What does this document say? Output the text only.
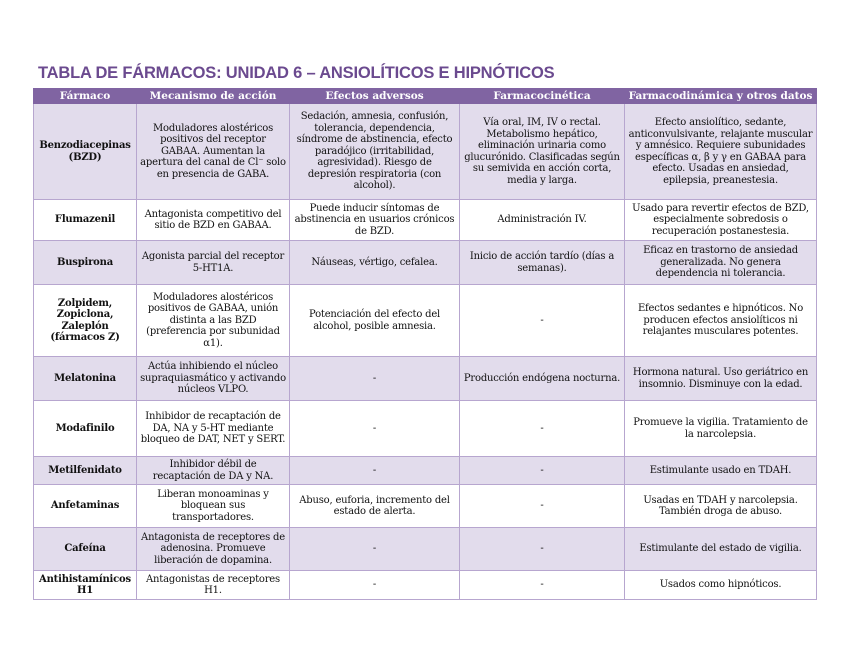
TABLA DE FÁRMACOS: UNIDAD 6 – ANSIOLÍTICOS E HIPNÓTICOS
Fármaco	Mecanismo de acción	Efectos adversos	Farmacocinética	Farmacodinámica y otros datos
Benzodiacepinas (BZD)	Moduladores alostéricos positivos del receptor GABAA. Aumentan la apertura del canal de Cl⁻ solo en presencia de GABA.	Sedación, amnesia, confusión, tolerancia, dependencia, síndrome de abstinencia, efecto paradójico (irritabilidad, agresividad). Riesgo de depresión respiratoria (con alcohol).	Vía oral, IM, IV o rectal. Metabolismo hepático, eliminación urinaria como glucurónido. Clasificadas según su semivida en acción corta, media y larga.	Efecto ansiolítico, sedante, anticonvulsivante, relajante muscular y amnésico. Requiere subunidades específicas α, β y γ en GABAA para efecto. Usadas en ansiedad, epilepsia, preanestesia.
Flumazenil	Antagonista competitivo del sitio de BZD en GABAA.	Puede inducir síntomas de abstinencia en usuarios crónicos de BZD.	Administración IV.	Usado para revertir efectos de BZD, especialmente sobredosis o recuperación postanestesia.
Buspirona	Agonista parcial del receptor 5-HT1A.	Náuseas, vértigo, cefalea.	Inicio de acción tardío (días a semanas).	Eficaz en trastorno de ansiedad generalizada. No genera dependencia ni tolerancia.
Zolpidem, Zopiclona, Zaleplón (fármacos Z)	Moduladores alostéricos positivos de GABAA, unión distinta a las BZD (preferencia por subunidad α1).	Potenciación del efecto del alcohol, posible amnesia.	-	Efectos sedantes e hipnóticos. No producen efectos ansiolíticos ni relajantes musculares potentes.
Melatonina	Actúa inhibiendo el núcleo supraquiasmático y activando núcleos VLPO.	-	Producción endógena nocturna.	Hormona natural. Uso geriátrico en insomnio. Disminuye con la edad.
Modafinilo	Inhibidor de recaptación de DA, NA y 5-HT mediante bloqueo de DAT, NET y SERT.	-	-	Promueve la vigilia. Tratamiento de la narcolepsia.
Metilfenidato	Inhibidor débil de recaptación de DA y NA.	-	-	Estimulante usado en TDAH.
Anfetaminas	Liberan monoaminas y bloquean sus transportadores.	Abuso, euforia, incremento del estado de alerta.	-	Usadas en TDAH y narcolepsia. También droga de abuso.
Cafeína	Antagonista de receptores de adenosina. Promueve liberación de dopamina.	-	-	Estimulante del estado de vigilia.
Antihistamínicos H1	Antagonistas de receptores H1.	-	-	Usados como hipnóticos.
